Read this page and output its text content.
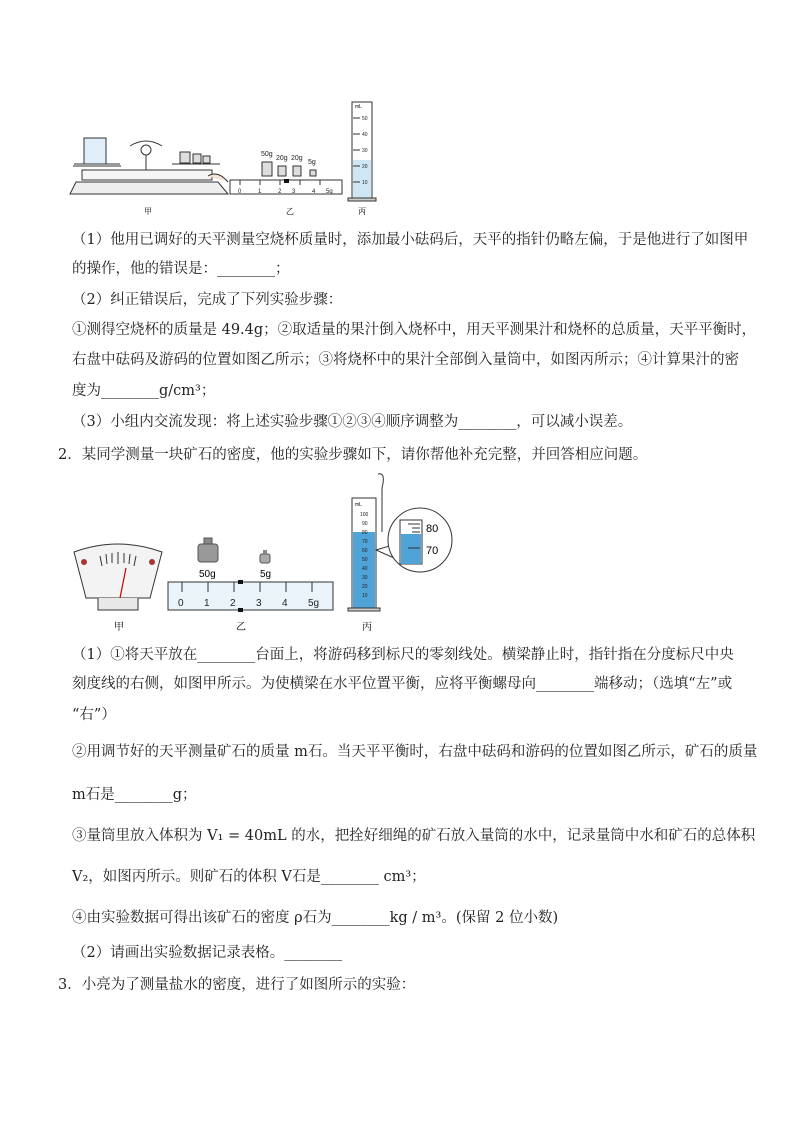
甲
50g
20g 20g
5g
0	1	2 3	4 5g
乙
mL
50
40
30
20
10
丙
（1）他用已调好的天平测量空烧杯质量时，添加最小砝码后，天平的指针仍略左偏，于是他进行了如图甲
的操作，他的错误是：________；
（2）纠正错误后，完成了下列实验步骤：
①测得空烧杯的质量是 49.4g；②取适量的果汁倒入烧杯中，用天平测果汁和烧杯的总质量，天平平衡时，
右盘中砝码及游码的位置如图乙所示；③将烧杯中的果汁全部倒入量筒中，如图丙所示；④计算果汁的密
度为________g/cm³；
（3）小组内交流发现：将上述实验步骤①②③④顺序调整为________，可以减小误差。
2．某同学测量一块矿石的密度，他的实验步骤如下，请你帮他补充完整，并回答相应问题。
甲
50g	5g
0 1 2 3 4 5g
乙
mL
100
90
80
70
60
50
40
30
20
10
80
70
丙
（1）①将天平放在________台面上，将游码移到标尺的零刻线处。横梁静止时，指针指在分度标尺中央
刻度线的右侧，如图甲所示。为使横梁在水平位置平衡，应将平衡螺母向________端移动；（选填“左”或
“右”）
②用调节好的天平测量矿石的质量 m石。当天平平衡时，右盘中砝码和游码的位置如图乙所示，矿石的质量
m石是________g；
③量筒里放入体积为 V₁ = 40mL 的水，把拴好细绳的矿石放入量筒的水中，记录量筒中水和矿石的总体积
V₂，如图丙所示。则矿石的体积 V石是________ cm³；
④由实验数据可得出该矿石的密度 ρ石为________kg / m³。(保留 2 位小数)
（2）请画出实验数据记录表格。________
3．小亮为了测量盐水的密度，进行了如图所示的实验：
